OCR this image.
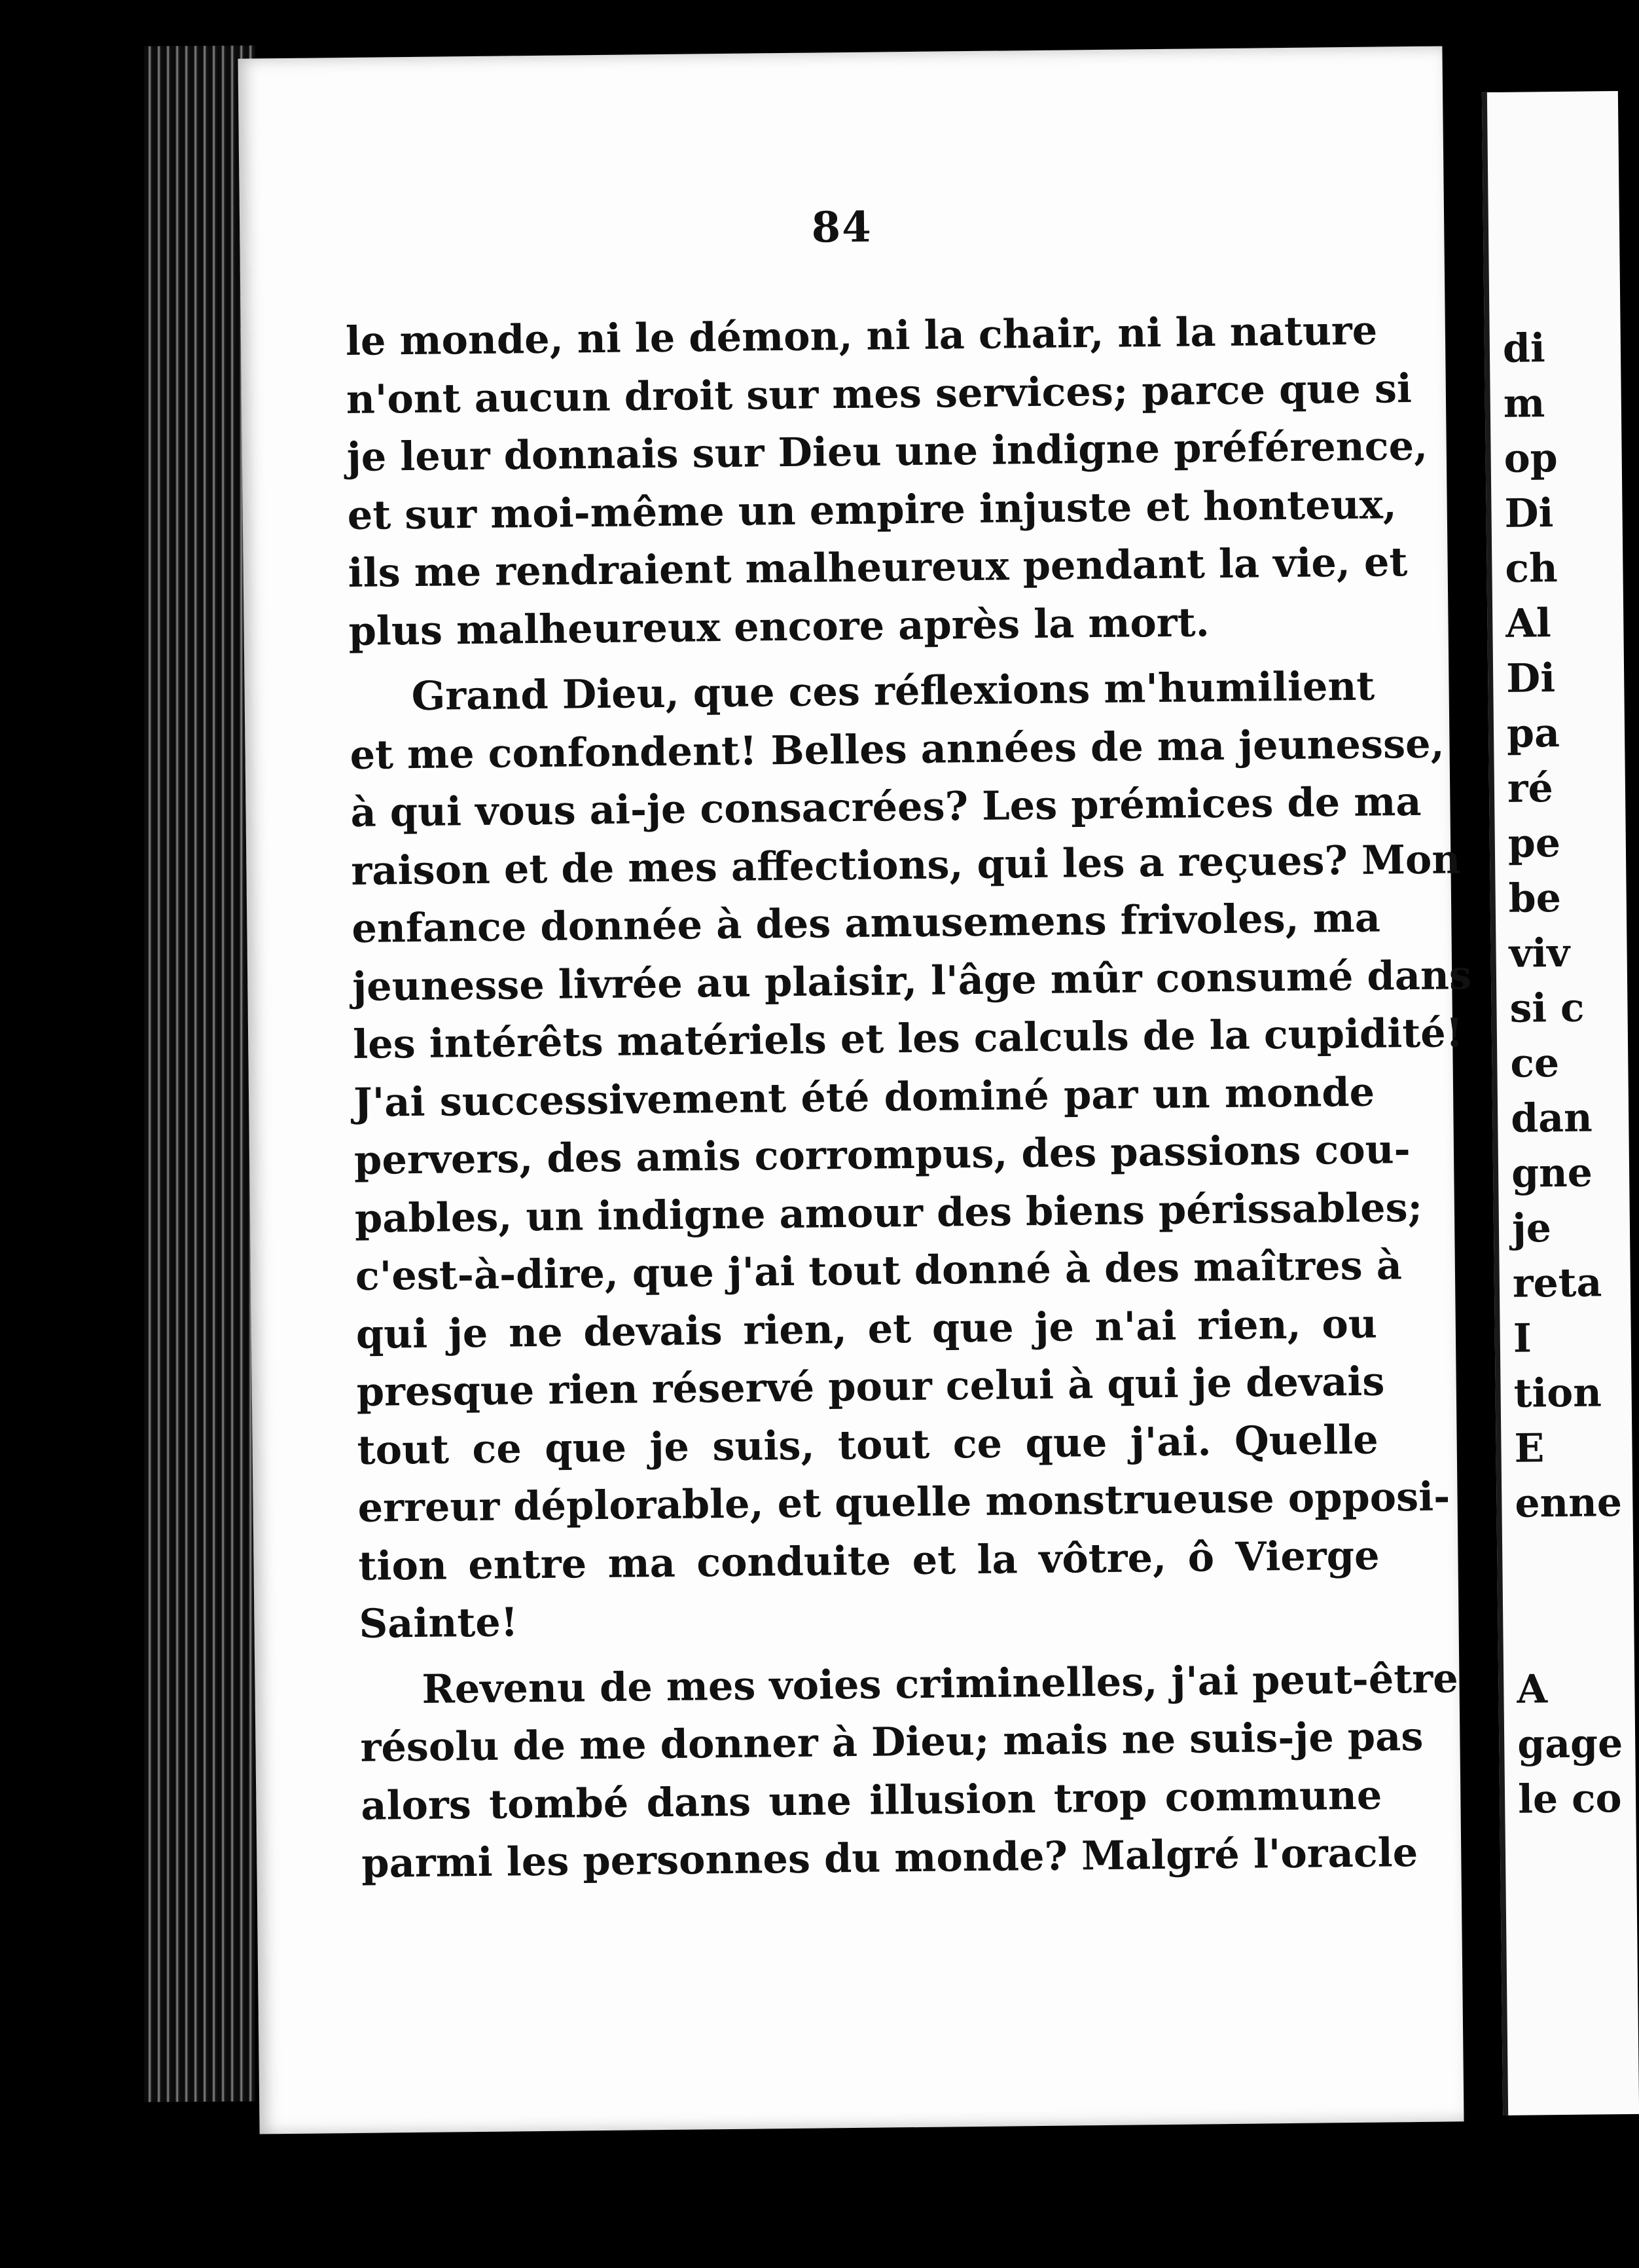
84
le monde, ni le démon, ni la chair, ni la nature
n'ont aucun droit sur mes services; parce que si
je leur donnais sur Dieu une indigne préférence,
et sur moi-même un empire injuste et honteux,
ils me rendraient malheureux pendant la vie, et
plus malheureux encore après la mort.
Grand Dieu, que ces réflexions m'humilient
et me confondent! Belles années de ma jeunesse,
à qui vous ai-je consacrées? Les prémices de ma
raison et de mes affections, qui les a reçues? Mon
enfance donnée à des amusemens frivoles, ma
jeunesse livrée au plaisir, l'âge mûr consumé dans
les intérêts matériels et les calculs de la cupidité!
J'ai successivement été dominé par un monde
pervers, des amis corrompus, des passions cou-
pables, un indigne amour des biens périssables;
c'est-à-dire, que j'ai tout donné à des maîtres à
qui je ne devais rien, et que je n'ai rien, ou
presque rien réservé pour celui à qui je devais
tout ce que je suis, tout ce que j'ai. Quelle
erreur déplorable, et quelle monstrueuse opposi-
tion entre ma conduite et la vôtre, ô Vierge
Sainte!
Revenu de mes voies criminelles, j'ai peut-être
résolu de me donner à Dieu; mais ne suis-je pas
alors tombé dans une illusion trop commune
parmi les personnes du monde? Malgré l'oracle
di
m
op
Di
ch
Al
Di
pa
ré
pe
be
viv
si c
ce
dan
gne
je
reta
I
tion
E
enne
A
gage
le co
